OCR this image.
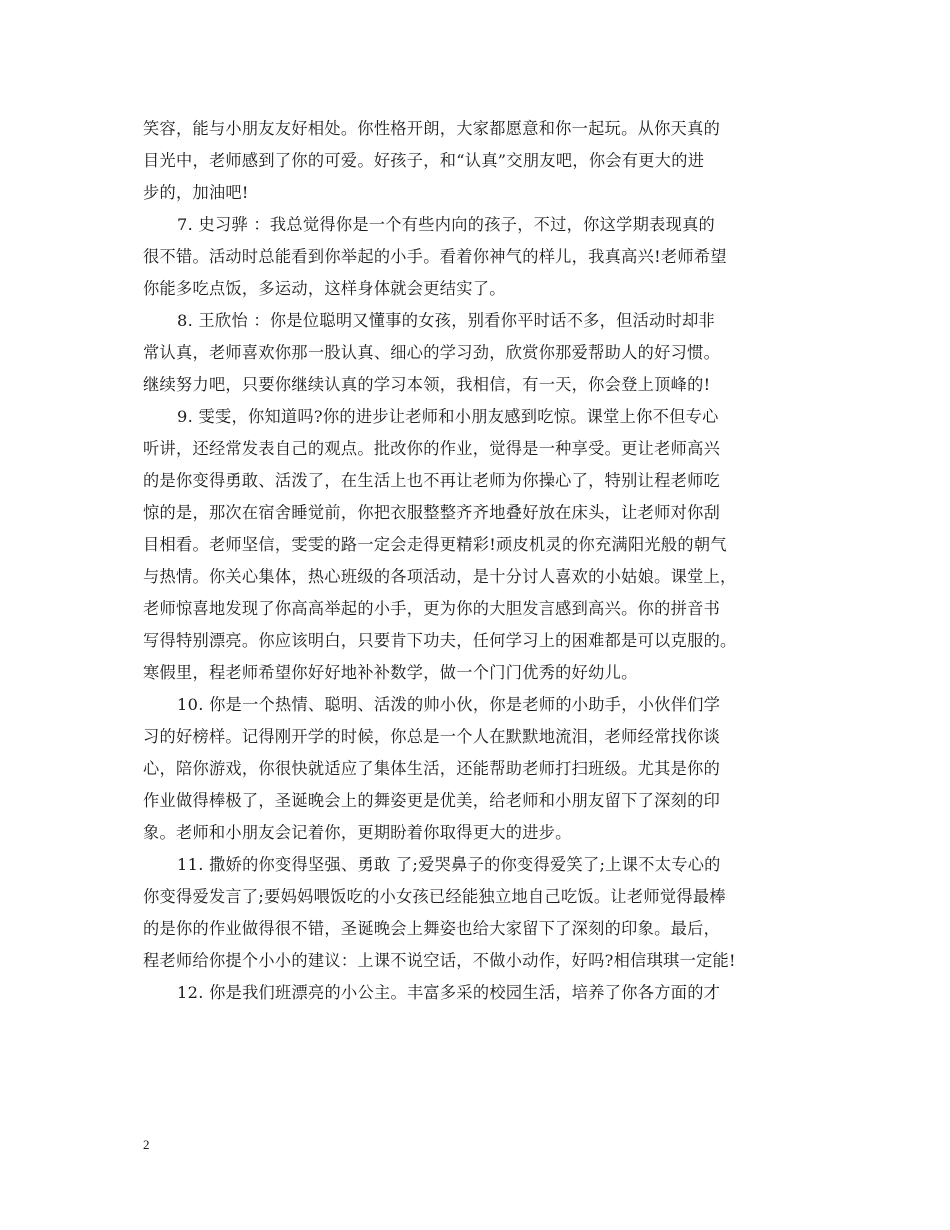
笑容，能与小朋友友好相处。你性格开朗，大家都愿意和你一起玩。从你天真的
目光中，老师感到了你的可爱。好孩子，和“认真”交朋友吧，你会有更大的进
步的，加油吧!
7. 史习骅 ：我总觉得你是一个有些内向的孩子，不过，你这学期表现真的
很不错。活动时总能看到你举起的小手。看着你神气的样儿，我真高兴!老师希望
你能多吃点饭，多运动，这样身体就会更结实了。
8. 王欣怡 ：你是位聪明又懂事的女孩，别看你平时话不多，但活动时却非
常认真，老师喜欢你那一股认真、细心的学习劲，欣赏你那爱帮助人的好习惯。
继续努力吧，只要你继续认真的学习本领，我相信，有一天，你会登上顶峰的!
9. 雯雯，你知道吗?你的进步让老师和小朋友感到吃惊。课堂上你不但专心
听讲，还经常发表自己的观点。批改你的作业，觉得是一种享受。更让老师高兴
的是你变得勇敢、活泼了，在生活上也不再让老师为你操心了，特别让程老师吃
惊的是，那次在宿舍睡觉前，你把衣服整整齐齐地叠好放在床头，让老师对你刮
目相看。老师坚信，雯雯的路一定会走得更精彩!顽皮机灵的你充满阳光般的朝气
与热情。你关心集体，热心班级的各项活动，是十分讨人喜欢的小姑娘。课堂上，
老师惊喜地发现了你高高举起的小手，更为你的大胆发言感到高兴。你的拼音书
写得特别漂亮。你应该明白，只要肯下功夫，任何学习上的困难都是可以克服的。
寒假里，程老师希望你好好地补补数学，做一个门门优秀的好幼儿。
10. 你是一个热情、聪明、活泼的帅小伙，你是老师的小助手，小伙伴们学
习的好榜样。记得刚开学的时候，你总是一个人在默默地流泪，老师经常找你谈
心，陪你游戏，你很快就适应了集体生活，还能帮助老师打扫班级。尤其是你的
作业做得棒极了，圣诞晚会上的舞姿更是优美，给老师和小朋友留下了深刻的印
象。老师和小朋友会记着你，更期盼着你取得更大的进步。
11. 撒娇的你变得坚强、勇敢 了;爱哭鼻子的你变得爱笑了;上课不太专心的
你变得爱发言了;要妈妈喂饭吃的小女孩已经能独立地自己吃饭。让老师觉得最棒
的是你的作业做得很不错，圣诞晚会上舞姿也给大家留下了深刻的印象。最后，
程老师给你提个小小的建议：上课不说空话，不做小动作，好吗?相信琪琪一定能!
12. 你是我们班漂亮的小公主。丰富多采的校园生活，培养了你各方面的才
2
